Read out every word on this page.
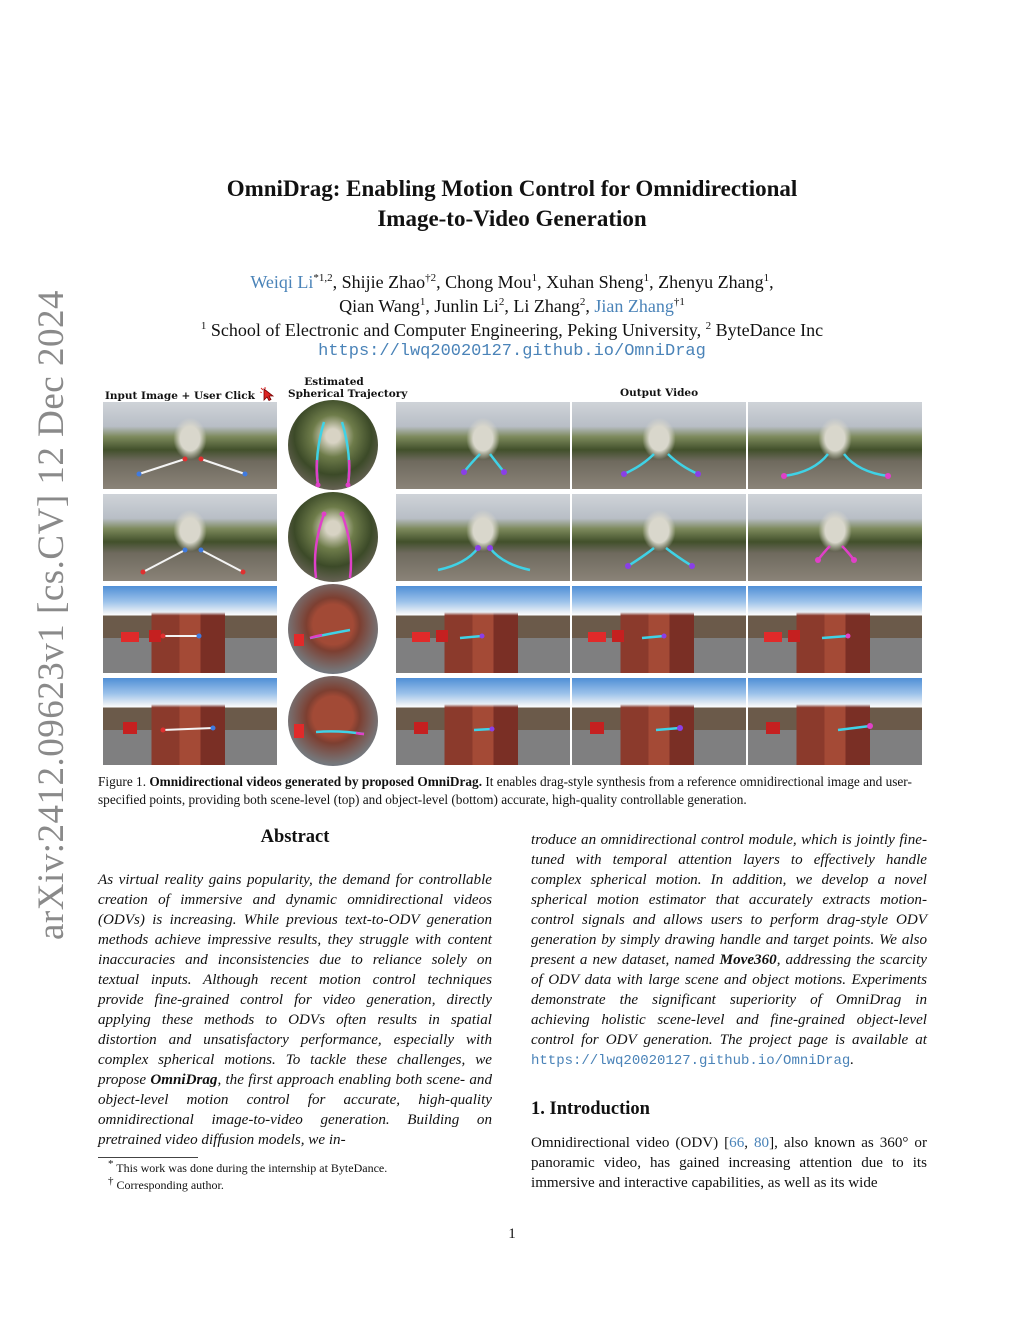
arXiv:2412.09623v1 [cs.CV] 12 Dec 2024
OmniDrag: Enabling Motion Control for Omnidirectional
Image-to-Video Generation
Weiqi Li$^{*1,2}$, Shijie Zhao$^{\dagger 2}$, Chong Mou$^1$, Xuhan Sheng$^1$, Zhenyu Zhang$^1$,
Qian Wang$^1$, Junlin Li$^2$, Li Zhang$^2$, Jian Zhang$^{\dagger 1}$
$^1$ School of Electronic and Computer Engineering, Peking University, $^2$ ByteDance Inc
https://lwq20020127.github.io/OmniDrag
Input Image + User Click
Estimated
Spherical Trajectory	Output Video
Figure 1. Omnidirectional videos generated by proposed OmniDrag. It enables drag-style synthesis from a reference omnidirectional image and user-specified points, providing both scene-level (top) and object-level (bottom) accurate, high-quality controllable generation.
Abstract
As virtual reality gains popularity, the demand for controllable creation of immersive and dynamic omnidirectional videos (ODVs) is increasing. While previous text-to-ODV generation methods achieve impressive results, they struggle with content inaccuracies and inconsistencies due to reliance solely on textual inputs. Although recent motion control techniques provide fine-grained control for video generation, directly applying these methods to ODVs often results in spatial distortion and unsatisfactory performance, especially with complex spherical motions. To tackle these challenges, we propose OmniDrag, the first approach enabling both scene- and object-level motion control for accurate, high-quality omnidirectional image-to-video generation. Building on pretrained video diffusion models, we in-
troduce an omnidirectional control module, which is jointly fine-tuned with temporal attention layers to effectively handle complex spherical motion. In addition, we develop a novel spherical motion estimator that accurately extracts motion-control signals and allows users to perform drag-style ODV generation by simply drawing handle and target points. We also present a new dataset, named Move360, addressing the scarcity of ODV data with large scene and object motions. Experiments demonstrate the significant superiority of OmniDrag in achieving holistic scene-level and fine-grained object-level control for ODV generation. The project page is available at https://lwq20020127.github.io/OmniDrag.
1. Introduction
Omnidirectional video (ODV) [66, 80], also known as 360° or panoramic video, has gained increasing attention due to its immersive and interactive capabilities, as well as its wide
* This work was done during the internship at ByteDance.
† Corresponding author.
1
